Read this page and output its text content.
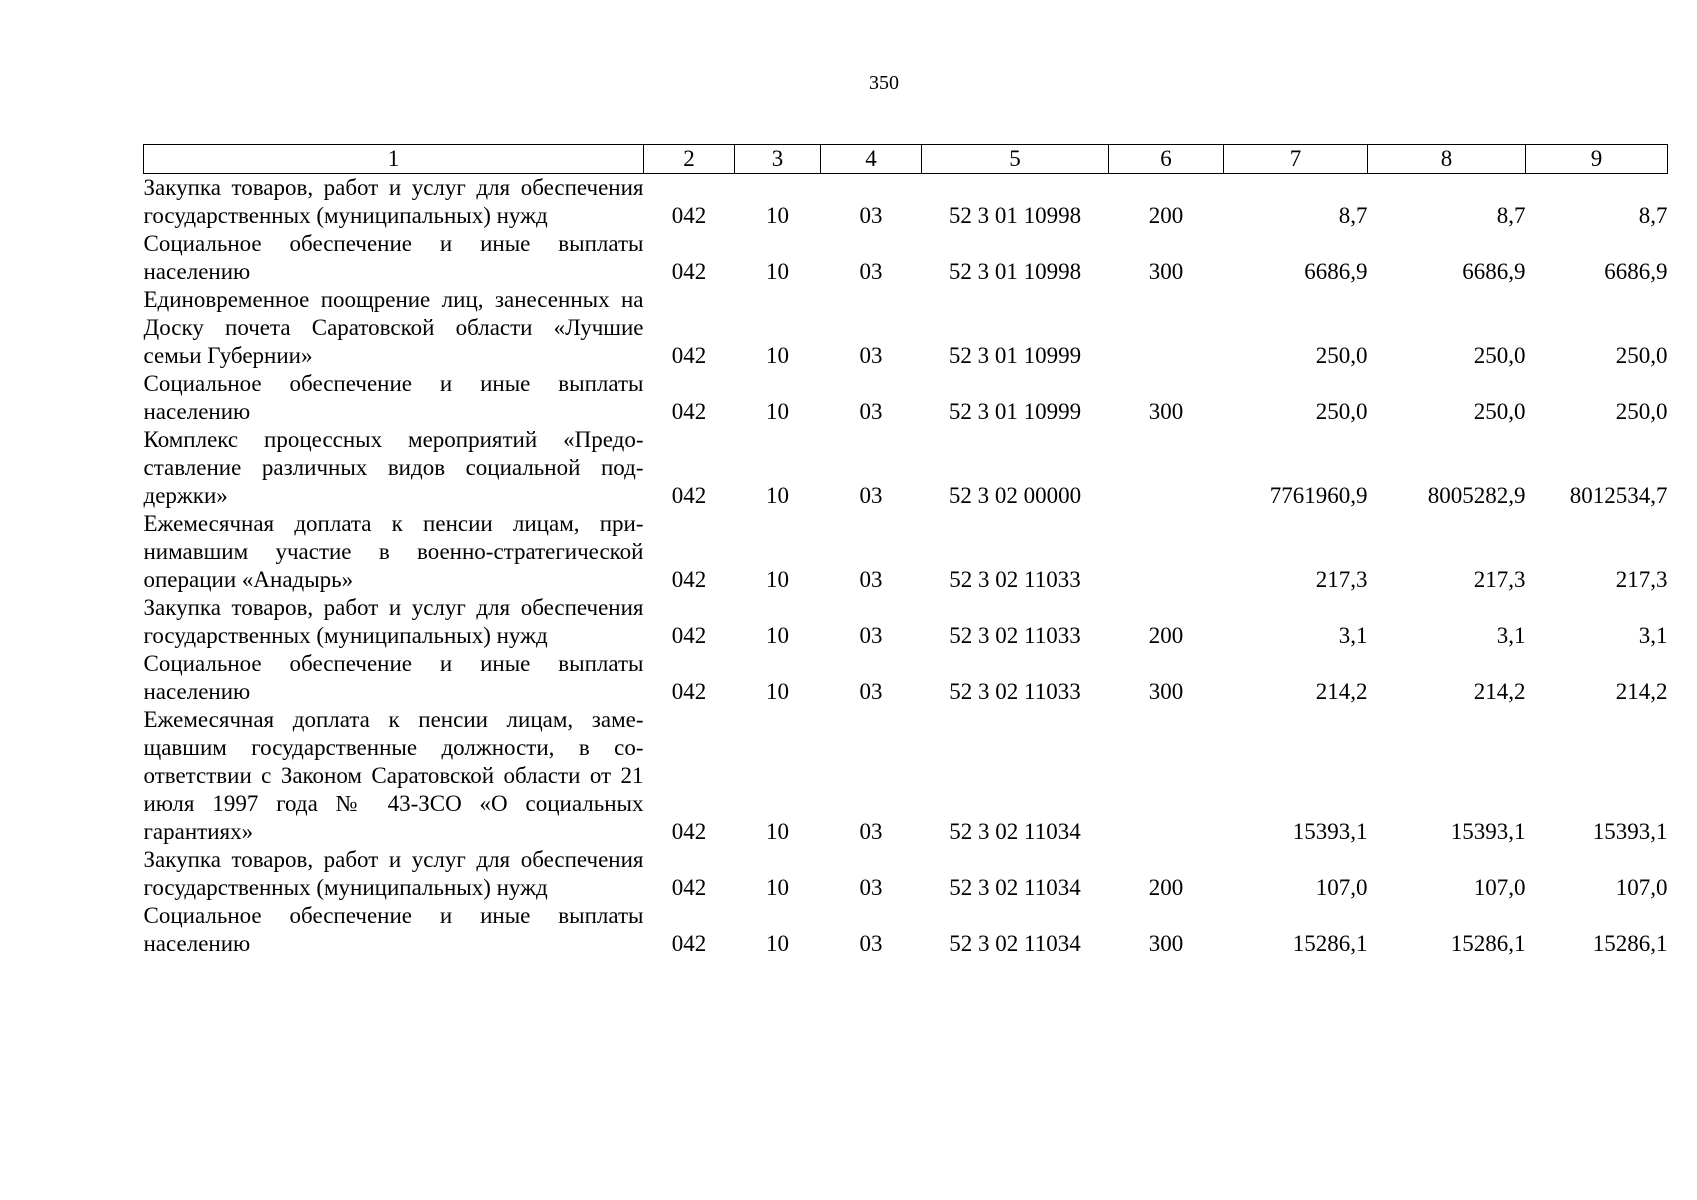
350
1	2	3	4	5	6	7	8	9
Закупка товаров, работ и услуг для обеспечения государственных (муниципальных) нужд	042	10	03	52 3 01 10998	200	8,7	8,7	8,7
Социальное обеспечение и иные выплаты населению	042	10	03	52 3 01 10998	300	6686,9	6686,9	6686,9
Единовременное поощрение лиц, занесенных на Доску почета Саратовской области «Лучшие семьи Губернии»	042	10	03	52 3 01 10999		250,0	250,0	250,0
Социальное обеспечение и иные выплаты населению	042	10	03	52 3 01 10999	300	250,0	250,0	250,0
Комплекс процессных мероприятий «Предоставление различных видов социальной поддержки»	042	10	03	52 3 02 00000		7761960,9	8005282,9	8012534,7
Ежемесячная доплата к пенсии лицам, принимавшим участие в военно-стратегической операции «Анадырь»	042	10	03	52 3 02 11033		217,3	217,3	217,3
Закупка товаров, работ и услуг для обеспечения государственных (муниципальных) нужд	042	10	03	52 3 02 11033	200	3,1	3,1	3,1
Социальное обеспечение и иные выплаты населению	042	10	03	52 3 02 11033	300	214,2	214,2	214,2
Ежемесячная доплата к пенсии лицам, замещавшим государственные должности, в соответствии с Законом Саратовской области от 21 июля 1997 года № 43-ЗСО «О социальных гарантиях»	042	10	03	52 3 02 11034		15393,1	15393,1	15393,1
Закупка товаров, работ и услуг для обеспечения государственных (муниципальных) нужд	042	10	03	52 3 02 11034	200	107,0	107,0	107,0
Социальное обеспечение и иные выплаты населению	042	10	03	52 3 02 11034	300	15286,1	15286,1	15286,1
